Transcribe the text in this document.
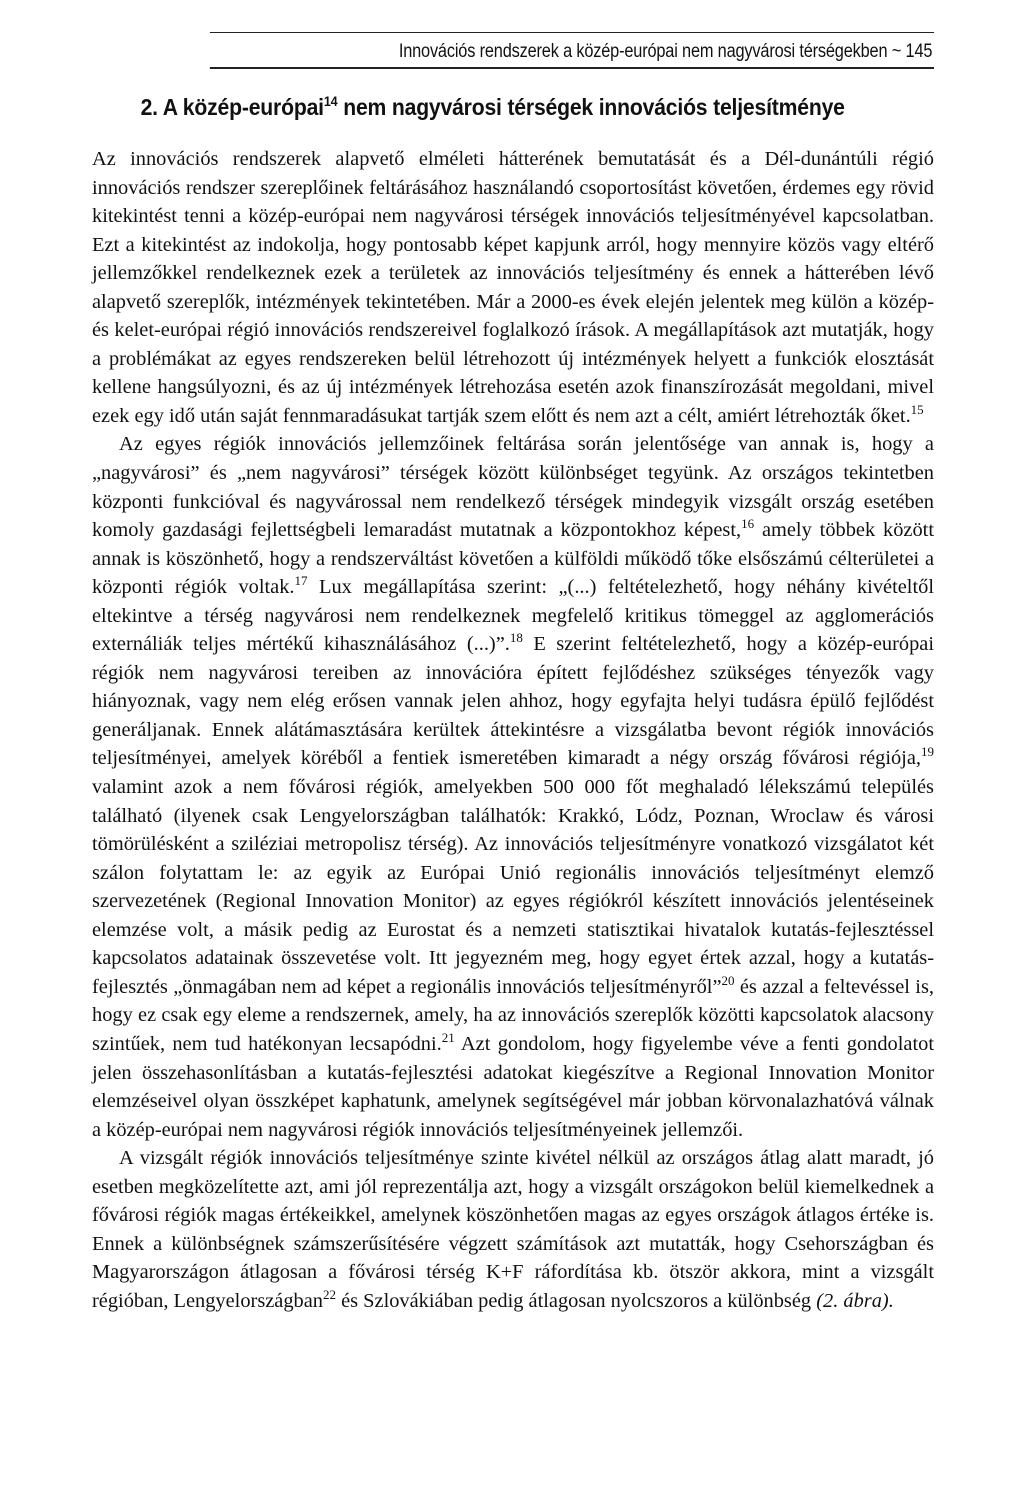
Innovációs rendszerek a közép-európai nem nagyvárosi térségekben ~ 145
2. A közép-európai$^{14}$ nem nagyvárosi térségek innovációs teljesítménye

Az innovációs rendszerek alapvető elméleti hátterének bemutatását és a Dél-dunántúli régió innovációs rendszer szereplőinek feltárásához használandó csoportosítást követően, érdemes egy rövid kitekintést tenni a közép-európai nem nagyvárosi térségek innovációs teljesítményével kapcsolatban. Ezt a kitekintést az indokolja, hogy pontosabb képet kapjunk arról, hogy mennyire közös vagy eltérő jellemzőkkel rendelkeznek ezek a területek az innovációs teljesítmény és ennek a hátterében lévő alapvető szereplők, intézmények tekintetében. Már a 2000-es évek elején jelentek meg külön a közép- és kelet-európai régió innovációs rendszereivel foglalkozó írások. A megállapítások azt mutatják, hogy a problémákat az egyes rendszereken belül létrehozott új intézmények helyett a funkciók elosztását kellene hangsúlyozni, és az új intézmények létrehozása esetén azok finanszírozását megoldani, mivel ezek egy idő után saját fennmaradásukat tartják szem előtt és nem azt a célt, amiért létrehozták őket.$^{15}$

Az egyes régiók innovációs jellemzőinek feltárása során jelentősége van annak is, hogy a „nagyvárosi” és „nem nagyvárosi” térségek között különbséget tegyünk. Az országos tekintetben központi funkcióval és nagyvárossal nem rendelkező térségek mindegyik vizsgált ország esetében komoly gazdasági fejlettségbeli lemaradást mutatnak a központokhoz képest,$^{16}$ amely többek között annak is köszönhető, hogy a rendszerváltást követően a külföldi működő tőke elsőszámú célterületei a központi régiók voltak.$^{17}$ Lux megállapítása szerint: „(...) feltételezhető, hogy néhány kivételtől eltekintve a térség nagyvárosi nem rendelkeznek megfelelő kritikus tömeggel az agglomerációs externáliák teljes mértékű kihasználásához (...)”.$^{18}$ E szerint feltételezhető, hogy a közép-európai régiók nem nagyvárosi tereiben az innovációra épített fejlődéshez szükséges tényezők vagy hiányoznak, vagy nem elég erősen vannak jelen ahhoz, hogy egyfajta helyi tudásra épülő fejlődést generáljanak. Ennek alátámasztására kerültek áttekintésre a vizsgálatba bevont régiók innovációs teljesítményei, amelyek köréből a fentiek ismeretében kimaradt a négy ország fővárosi régiója,$^{19}$ valamint azok a nem fővárosi régiók, amelyekben 500 000 főt meghaladó lélekszámú település található (ilyenek csak Lengyelországban találhatók: Krakkó, Lódz, Poznan, Wroclaw és városi tömörülésként a sziléziai metropolisz térség). Az innovációs teljesítményre vonatkozó vizsgálatot két szálon folytattam le: az egyik az Európai Unió regionális innovációs teljesítményt elemző szervezetének (Regional Innovation Monitor) az egyes régiókról készített innovációs jelentéseinek elemzése volt, a másik pedig az Eurostat és a nemzeti statisztikai hivatalok kutatás-fejlesztéssel kapcsolatos adatainak összevetése volt. Itt jegyezném meg, hogy egyet értek azzal, hogy a kutatás-fejlesztés „önmagában nem ad képet a regionális innovációs teljesítményről”$^{20}$ és azzal a feltevéssel is, hogy ez csak egy eleme a rendszernek, amely, ha az innovációs szereplők közötti kapcsolatok alacsony szintűek, nem tud hatékonyan lecsapódni.$^{21}$ Azt gondolom, hogy figyelembe véve a fenti gondolatot jelen összehasonlításban a kutatás-fejlesztési adatokat kiegészítve a Regional Innovation Monitor elemzéseivel olyan összképet kaphatunk, amelynek segítségével már jobban körvonalazhatóvá válnak a közép-európai nem nagyvárosi régiók innovációs teljesítményeinek jellemzői.

A vizsgált régiók innovációs teljesítménye szinte kivétel nélkül az országos átlag alatt maradt, jó esetben megközelítette azt, ami jól reprezentálja azt, hogy a vizsgált országokon belül kiemelkednek a fővárosi régiók magas értékeikkel, amelynek köszönhetően magas az egyes országok átlagos értéke is. Ennek a különbségnek számszerűsítésére végzett számítások azt mutatták, hogy Csehországban és Magyarországon átlagosan a fővárosi térség K+F ráfordítása kb. ötször akkora, mint a vizsgált régióban, Lengyelországban$^{22}$ és Szlovákiában pedig átlagosan nyolcszoros a különbség (2. ábra).
